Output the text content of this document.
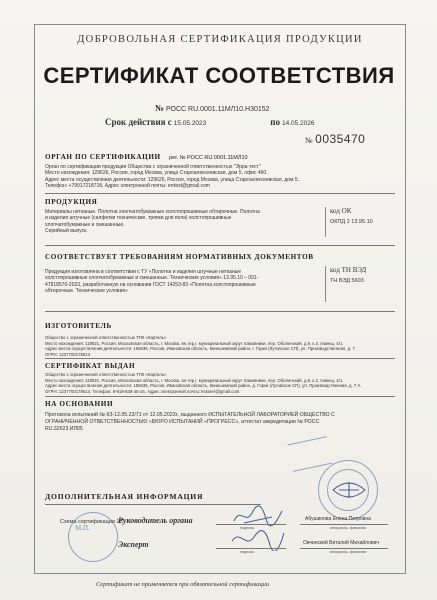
ДОБРОВОЛЬНАЯ СЕРТИФИКАЦИЯ ПРОДУКЦИИ
СЕРТИФИКАТ СООТВЕТСТВИЯ
№ РОСС RU.0001.11МЛ10.Н30152
Срок действия с 15.05.2023	по 14.05.2026
№ 0035470
ОРГАН ПО СЕРТИФИКАЦИИ рег. № РОСС RU.0001.11МЛ10
Орган по сертификации продукции Общества с ограниченной ответственностью "Эрра-тест"
Место нахождения: 129626, Россия, город Москва, улица Староалексеевская, дом 5, офис 460.
Адрес места осуществления деятельности: 129626, Россия, город Москва, улица Староалексеевская, дом 5.
Телефон: +79017218718, Адрес электронной почты: errtest@gmail.com
ПРОДУКЦИЯ
Материалы нетканые. Полотна хлопчатобумажные холстопрошивные обтирочные. Полотна
и изделия штучные (салфетки технические, тряпки для пола) холстопрошивные
хлопчатобумажные и смешанные.
Серийный выпуск.
код ОК
ОКПД 2 13.95.10
СООТВЕТСТВУЕТ ТРЕБОВАНИЯМ НОРМАТИВНЫХ ДОКУМЕНТОВ
Продукция изготовлена в соответствии с ТУ «Полотна и изделия штучные нетканые
холстопрошивные хлопчатобумажные и смешанные. Технические условия» 13.95.10 – 001-
47818570-2023, разработанную на основании ГОСТ 14253-83 «Полотна холстопрошивные
обтирочные. Технические условия»
код ТН ВЭД
ТН ВЭД 5603
ИЗГОТОВИТЕЛЬ
Общество с ограниченной ответственностью ТПК «Картель»
Место нахождения: 119021, Россия, Московская область, г. Москва, вн.тер.г. муниципальный округ Хамовники, пер. Оболенский, д.9, к.2, помещ. 4/1.
Адрес места осуществления деятельности: 155636, Россия, Ивановская область, Кинешемский район, г. Горки (Луговское СП), ул. Производственная, д. 7
ОГРН: 1237700178614
СЕРТИФИКАТ ВЫДАН
Общество с ограниченной ответственностью ТПК «Картель»
Место нахождения: 119021, Россия, Московская область, г. Москва, вн.тер.г. муниципальный округ Хамовники, пер. Оболенский, д.9, к.2, помещ. 4/1.
Адрес места осуществления деятельности: 155636, Россия, Ивановская область, Кинешемский район, д. Горки (Луговское СП), ул. Производственная, д. 7 А.
ОГРН: 1237700178614, Телефон: 8-919-838-45-16, Адрес электронной почты: kssorer@gmail.com
НА ОСНОВАНИИ
Протокола испытаний № КЗ-12.05.23/71 от 12.05.2023г., выданного ИСПЫТАТЕЛЬНОЙ ЛАБОРАТОРИЕЙ ОБЩЕСТВО С
ОГРАНИЧЕННОЙ ОТВЕТСТВЕННОСТЬЮ «БЮРО ИСПЫТАНИЙ «ПРОГРЕСС», аттестат аккредитации № РОСС
RU.32623.ИЛ05
ДОПОЛНИТЕЛЬНАЯ ИНФОРМАЦИЯ
Схема сертификации 1С
М.П.
Руководитель органа
подпись
Абушинова Елена Петровна
инициалы, фамилия
Эксперт
подпись
Овчинский Виталий Михайлович
инициалы, фамилия
Сертификат не применяется при обязательной сертификации
